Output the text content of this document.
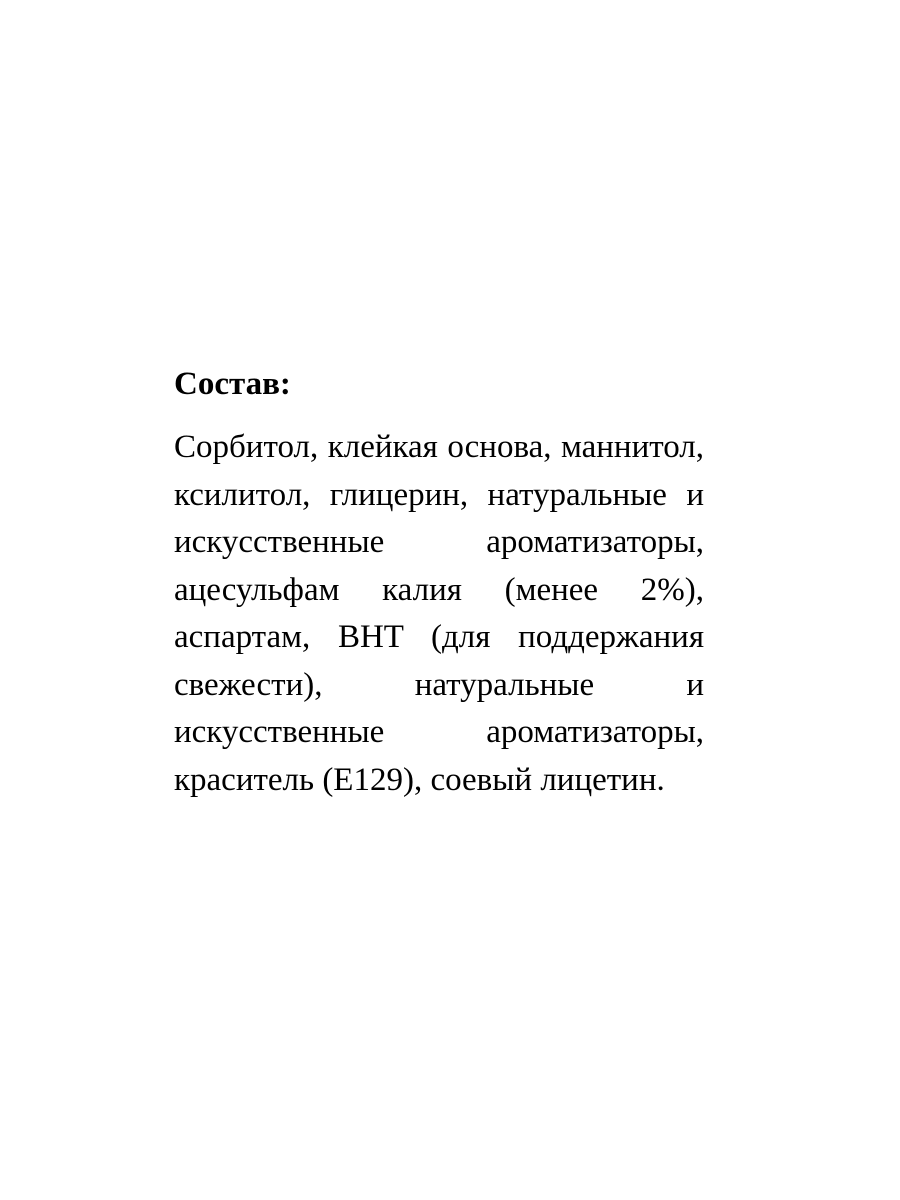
Состав:

Сорбитол, клейкая основа, маннитол, ксилитол, глицерин, натуральные и искусственные ароматизаторы, ацесульфам калия (менее 2%), аспартам, BHT (для поддержания свежести), натуральные и искусственные ароматизаторы, краситель (E129), соевый лицетин.
